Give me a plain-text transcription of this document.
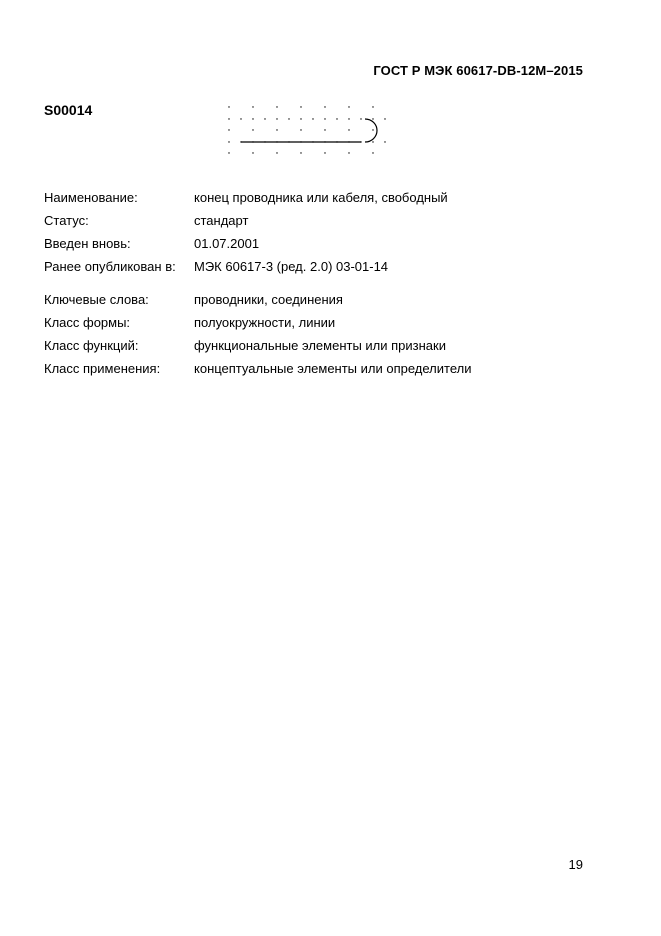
ГОСТ Р МЭК 60617-DB-12M–2015
S00014
Наименование:	конец проводника или кабеля, свободный
Статус:	стандарт
Введен вновь:	01.07.2001
Ранее опубликован в:	МЭК 60617-3 (ред. 2.0) 03-01-14

Ключевые слова:	проводники, соединения
Класс формы:	полуокружности, линии
Класс функций:	функциональные элементы или признаки
Класс применения:	концептуальные элементы или определители
19
